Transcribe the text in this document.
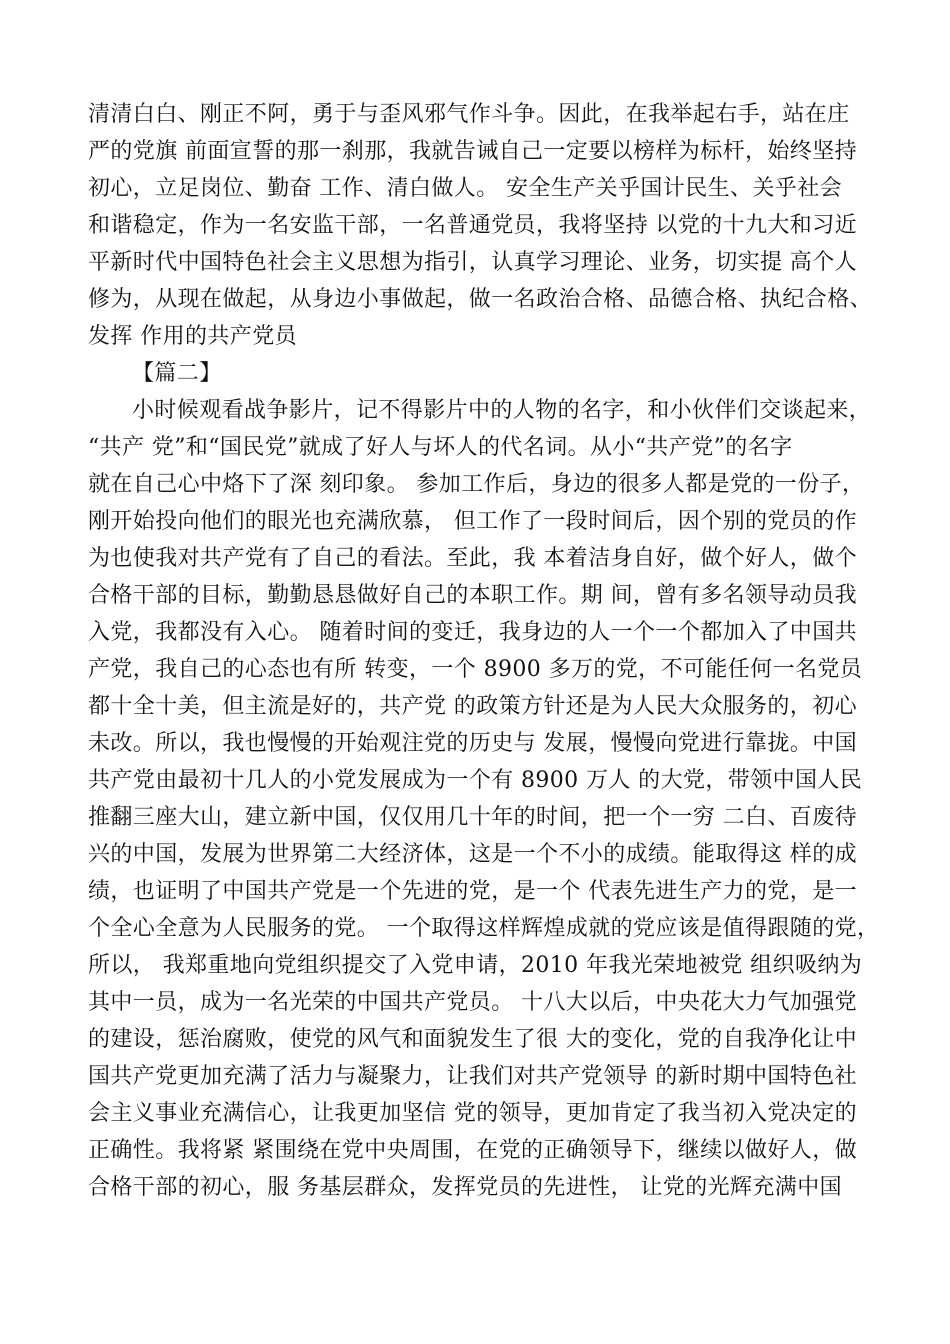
清清白白、刚正不阿，勇于与歪风邪气作斗争。因此，在我举起右手，站在庄
严的党旗 前面宣誓的那一刹那，我就告诫自己一定要以榜样为标杆，始终坚持
初心，立足岗位、勤奋 工作、清白做人。 安全生产关乎国计民生、关乎社会
和谐稳定，作为一名安监干部，一名普通党员，我将坚持 以党的十九大和习近
平新时代中国特色社会主义思想为指引，认真学习理论、业务，切实提 高个人
修为，从现在做起，从身边小事做起，做一名政治合格、品德合格、执纪合格、
发挥 作用的共产党员
【篇二】
小时候观看战争影片，记不得影片中的人物的名字，和小伙伴们交谈起来，
“共产 党”和“国民党”就成了好人与坏人的代名词。从小“共产党”的名字
就在自己心中烙下了深 刻印象。 参加工作后，身边的很多人都是党的一份子，
刚开始投向他们的眼光也充满欣慕， 但工作了一段时间后，因个别的党员的作
为也使我对共产党有了自己的看法。至此，我 本着洁身自好，做个好人，做个
合格干部的目标，勤勤恳恳做好自己的本职工作。期 间，曾有多名领导动员我
入党，我都没有入心。 随着时间的变迁，我身边的人一个一个都加入了中国共
产党，我自己的心态也有所 转变，一个 8900 多万的党，不可能任何一名党员
都十全十美，但主流是好的，共产党 的政策方针还是为人民大众服务的，初心
未改。所以，我也慢慢的开始观注党的历史与 发展，慢慢向党进行靠拢。中国
共产党由最初十几人的小党发展成为一个有 8900 万人 的大党，带领中国人民
推翻三座大山，建立新中国，仅仅用几十年的时间，把一个一穷 二白、百废待
兴的中国，发展为世界第二大经济体，这是一个不小的成绩。能取得这 样的成
绩，也证明了中国共产党是一个先进的党，是一个 代表先进生产力的党，是一
个全心全意为人民服务的党。 一个取得这样辉煌成就的党应该是值得跟随的党，
所以， 我郑重地向党组织提交了入党申请，2010 年我光荣地被党 组织吸纳为
其中一员，成为一名光荣的中国共产党员。 十八大以后，中央花大力气加强党
的建设，惩治腐败，使党的风气和面貌发生了很 大的变化，党的自我净化让中
国共产党更加充满了活力与凝聚力，让我们对共产党领导 的新时期中国特色社
会主义事业充满信心，让我更加坚信 党的领导，更加肯定了我当初入党决定的
正确性。我将紧 紧围绕在党中央周围，在党的正确领导下，继续以做好人，做
合格干部的初心，服 务基层群众，发挥党员的先进性， 让党的光辉充满中国
